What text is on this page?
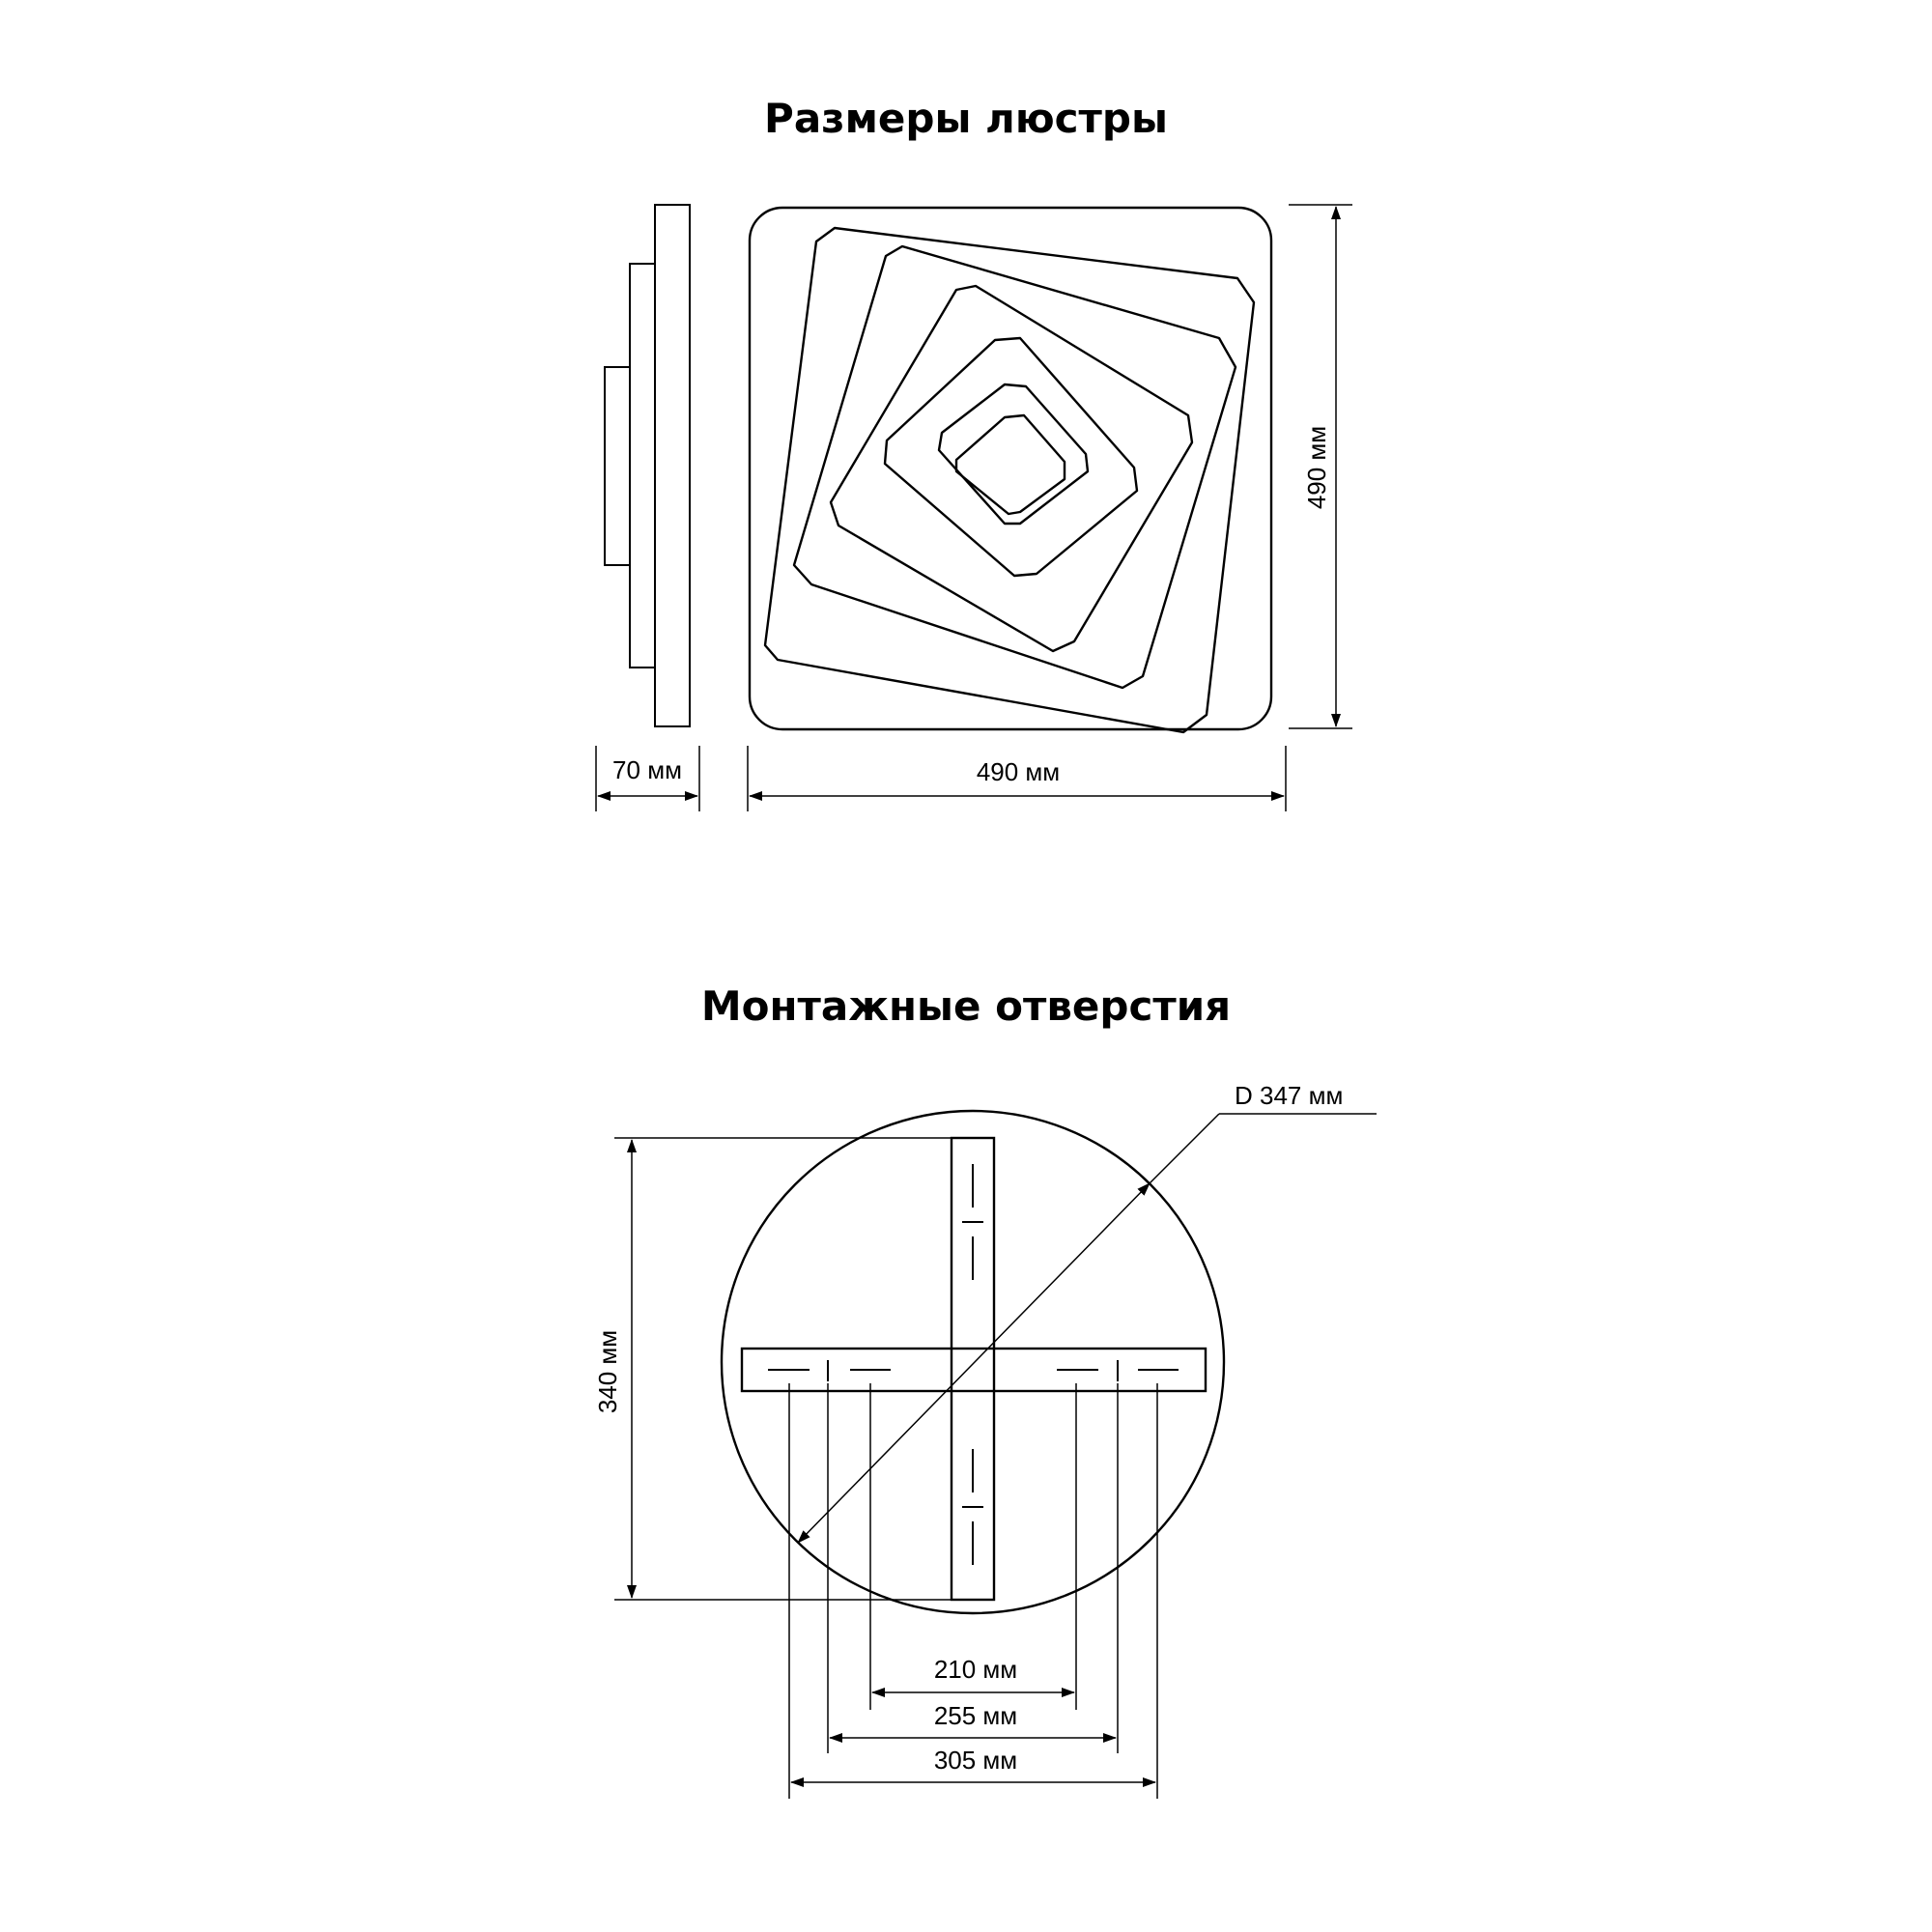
Размеры люстры
Монтажные отверстия
70 мм	490 мм
490 мм
D 347 мм
340 мм
210 мм
255 мм
305 мм
